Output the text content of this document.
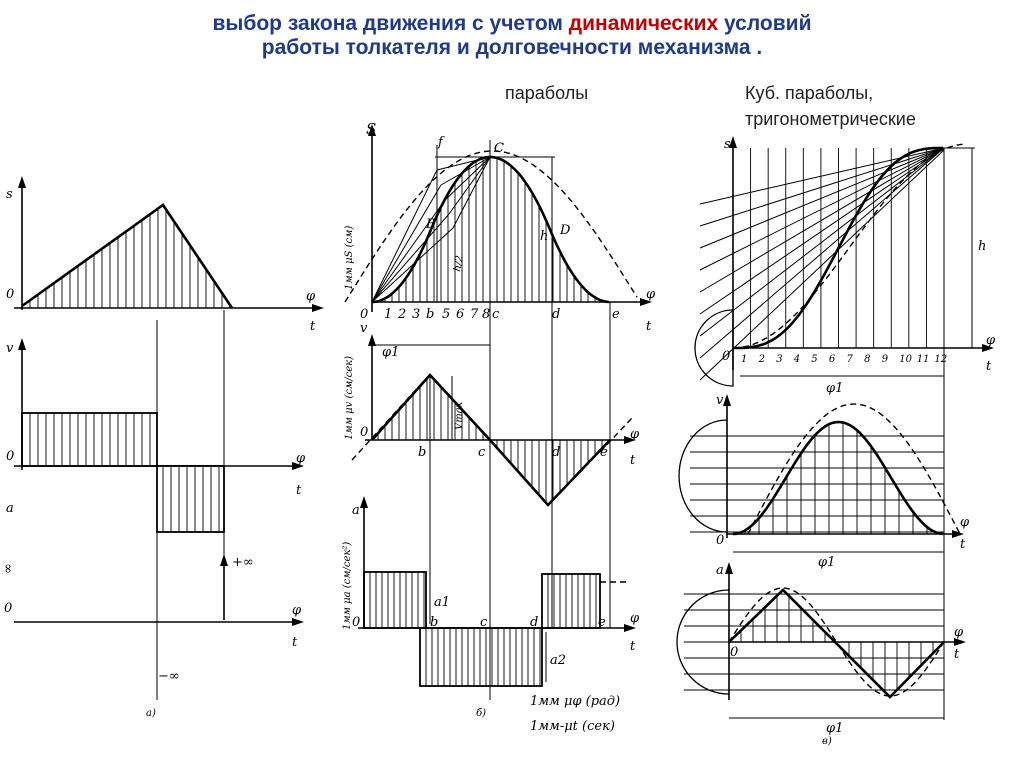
выбор закона движения с учетом динамических условий
работы толкателя и долговечности механизма .
параболы	Куб. параболы,
тригонометрические
s
0	φ
t
v
0	φ
t
a
∞
0
+∞
−∞
φ
t
а)
S
f	C
B	D
h
h/2
1мм μS (см)
0 1 2 3 b 5 6 7 8 c	d	e
φ
t
Vmax
v
1мм μv (см/сек)
φ1
0
b	c	d	e
φ
t
a
1мм μa (см/сек²) 0
a1
a2
b	c	d	e φ
t
б)
1мм μφ (рад)
1мм-μt (сек)
s
h
0 1 2 3 4 5 6 7 8 9 10 11 12
φ1
φ
t
v
0
φ1
φ
t
a
0
φ1
φ
t
в)
